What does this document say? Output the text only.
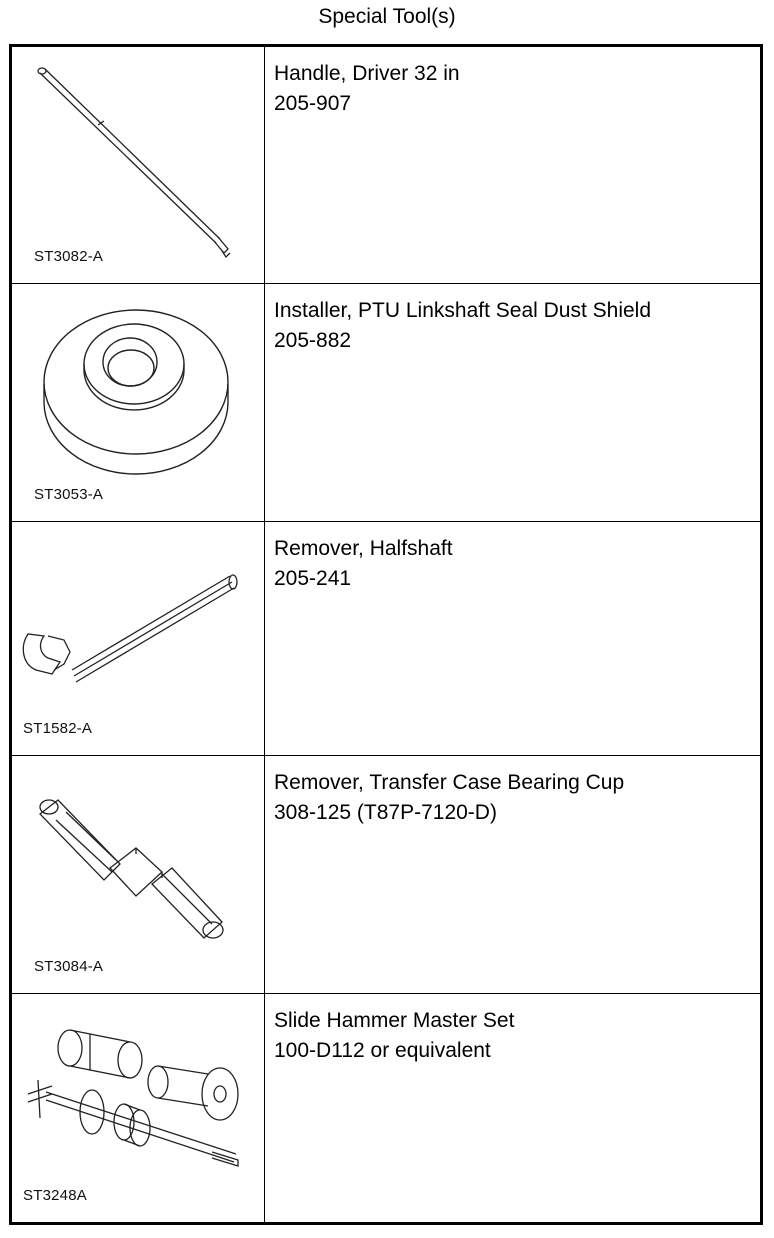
Special Tool(s)
ST3082-A
Handle, Driver 32 in
205-907
ST3053-A
Installer, PTU Linkshaft Seal Dust Shield
205-882
ST1582-A
Remover, Halfshaft
205-241
ST3084-A
Remover, Transfer Case Bearing Cup
308-125 (T87P-7120-D)
ST3248A
Slide Hammer Master Set
100-D112 or equivalent
